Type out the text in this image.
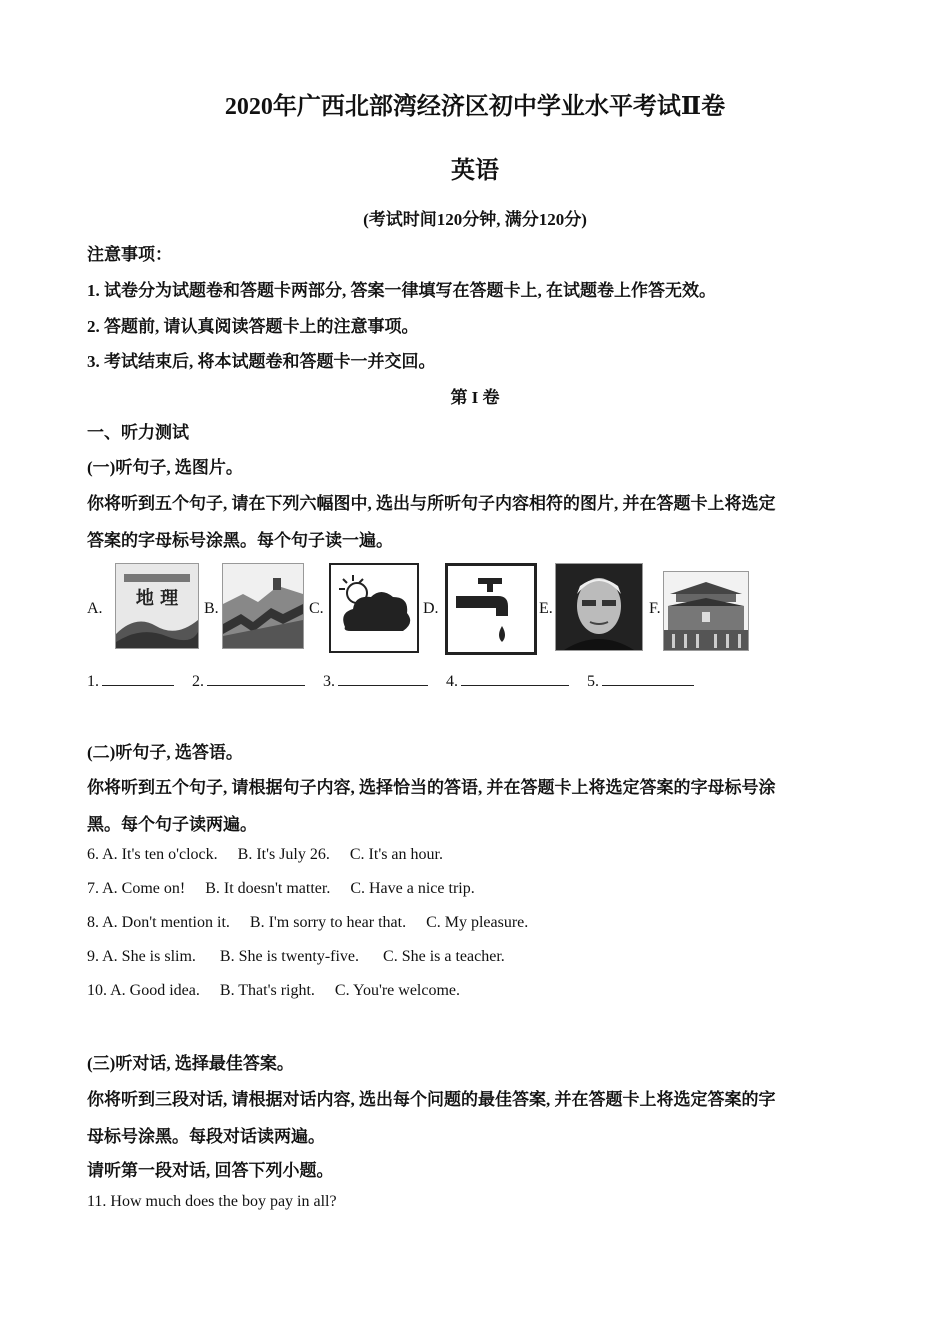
2020年广西北部湾经济区初中学业水平考试Ⅱ卷
英语
(考试时间120分钟, 满分120分)
注意事项：
1. 试卷分为试题卷和答题卡两部分, 答案一律填写在答题卡上, 在试题卷上作答无效。
2. 答题前, 请认真阅读答题卡上的注意事项。
3. 考试结束后, 将本试题卷和答题卡一并交回。
第 I 卷
一、听力测试
(一)听句子, 选图片。
你将听到五个句子, 请在下列六幅图中, 选出与所听句子内容相符的图片, 并在答题卡上将选定
答案的字母标号涂黑。每个句子读一遍。
A. 地 理 B.	C.	D.	E.	F.
1.	2.	3.	4.	5.
(二)听句子, 选答语。
你将听到五个句子, 请根据句子内容, 选择恰当的答语, 并在答题卡上将选定答案的字母标号涂
黑。每个句子读两遍。
6. A. It's ten o'clock. B. It's July 26. C. It's an hour.
7. A. Come on! B. It doesn't matter. C. Have a nice trip.
8. A. Don't mention it. B. I'm sorry to hear that. C. My pleasure.
9. A. She is slim. B. She is twenty-five. C. She is a teacher.
10. A. Good idea. B. That's right. C. You're welcome.
(三)听对话, 选择最佳答案。
你将听到三段对话, 请根据对话内容, 选出每个问题的最佳答案, 并在答题卡上将选定答案的字
母标号涂黑。每段对话读两遍。
请听第一段对话, 回答下列小题。
11. How much does the boy pay in all?
